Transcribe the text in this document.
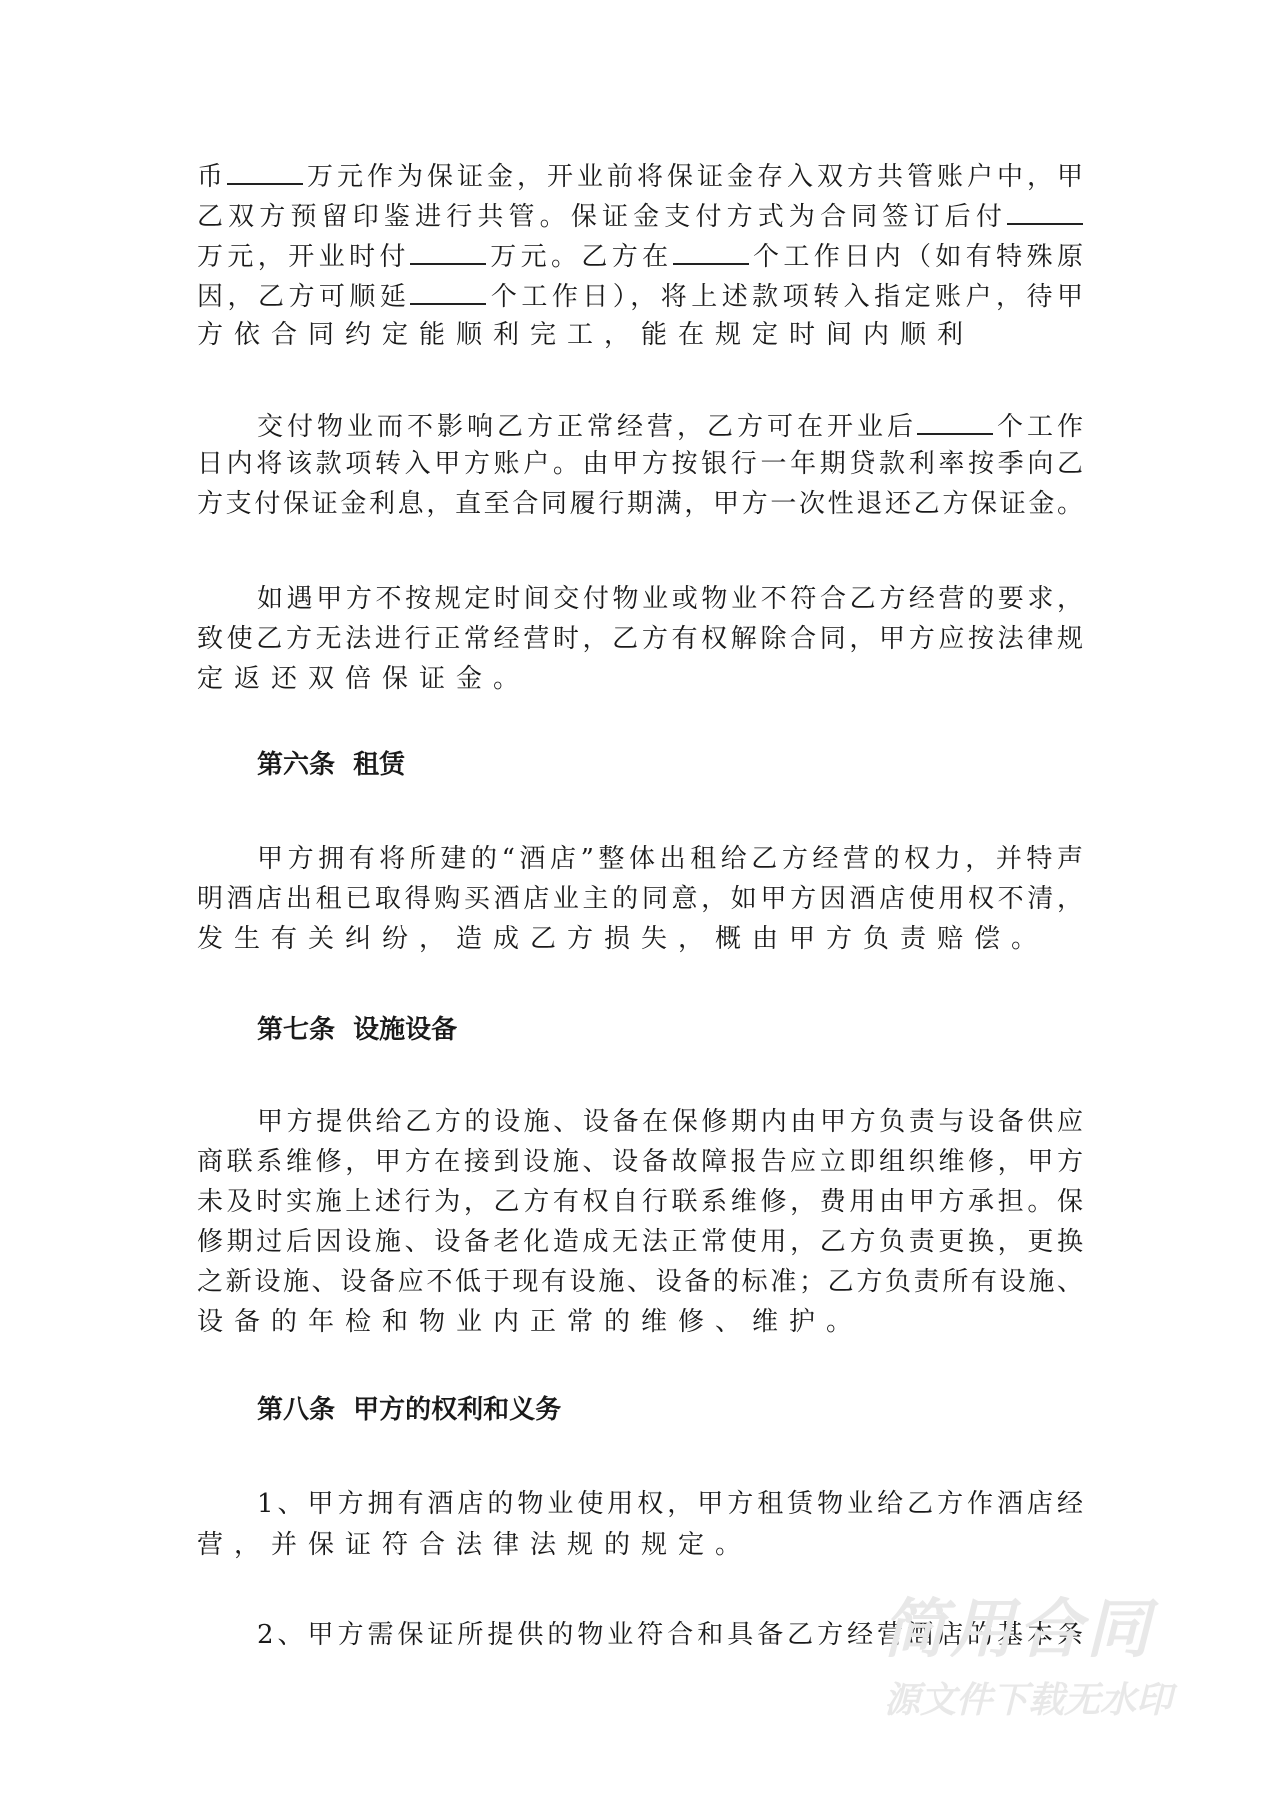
币	万元作为保证金，开业前将保证金存入双方共管账户中，甲
乙双方预留印鉴进行共管。保证金支付方式为合同签订后付
万元，开业时付	万元。乙方在	个工作日内（如有特殊原
因，乙方可顺延	个工作日），将上述款项转入指定账户，待甲
方依合同约定能顺利完工，能在规定时间内顺利
交付物业而不影响乙方正常经营，乙方可在开业后	个工作
日内将该款项转入甲方账户。由甲方按银行一年期贷款利率按季向乙
方支付保证金利息，直至合同履行期满，甲方一次性退还乙方保证金。
如遇甲方不按规定时间交付物业或物业不符合乙方经营的要求，
致使乙方无法进行正常经营时，乙方有权解除合同，甲方应按法律规
定返还双倍保证金。
第六条  租赁
甲方拥有将所建的“酒店”整体出租给乙方经营的权力，并特声
明酒店出租已取得购买酒店业主的同意，如甲方因酒店使用权不清，
发生有关纠纷，造成乙方损失，概由甲方负责赔偿。
第七条  设施设备
甲方提供给乙方的设施、设备在保修期内由甲方负责与设备供应
商联系维修，甲方在接到设施、设备故障报告应立即组织维修，甲方
未及时实施上述行为，乙方有权自行联系维修，费用由甲方承担。保
修期过后因设施、设备老化造成无法正常使用，乙方负责更换，更换
之新设施、设备应不低于现有设施、设备的标准；乙方负责所有设施、
设备的年检和物业内正常的维修、维护。
第八条  甲方的权利和义务
1、甲方拥有酒店的物业使用权，甲方租赁物业给乙方作酒店经
营，并保证符合法律法规的规定。
2、甲方需保证所提供的物业符合和具备乙方经营酒店的基本条
简用合同
源文件下载无水印
